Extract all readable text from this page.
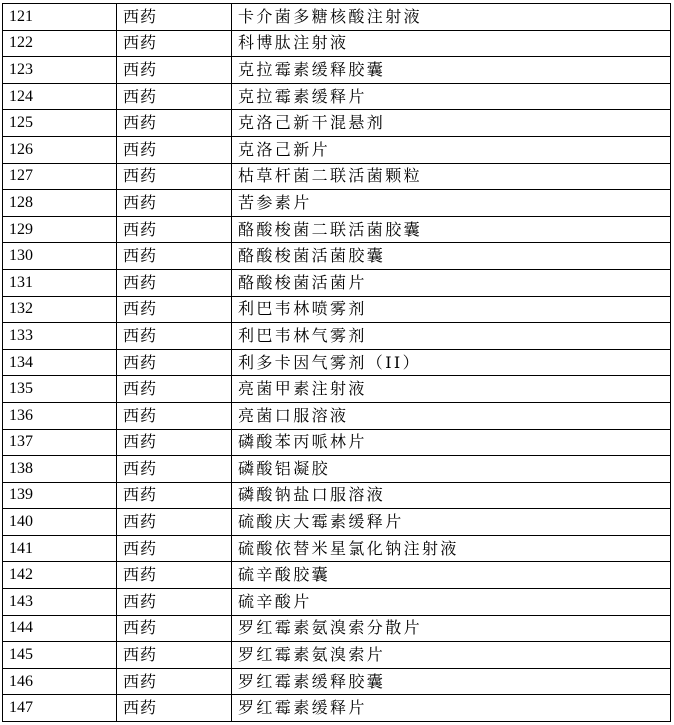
121	西药	卡介菌多糖核酸注射液
122	西药	科博肽注射液
123	西药	克拉霉素缓释胶囊
124	西药	克拉霉素缓释片
125	西药	克洛己新干混悬剂
126	西药	克洛己新片
127	西药	枯草杆菌二联活菌颗粒
128	西药	苦参素片
129	西药	酪酸梭菌二联活菌胶囊
130	西药	酪酸梭菌活菌胶囊
131	西药	酪酸梭菌活菌片
132	西药	利巴韦林喷雾剂
133	西药	利巴韦林气雾剂
134	西药	利多卡因气雾剂（II）
135	西药	亮菌甲素注射液
136	西药	亮菌口服溶液
137	西药	磷酸苯丙哌林片
138	西药	磷酸铝凝胶
139	西药	磷酸钠盐口服溶液
140	西药	硫酸庆大霉素缓释片
141	西药	硫酸依替米星氯化钠注射液
142	西药	硫辛酸胶囊
143	西药	硫辛酸片
144	西药	罗红霉素氨溴索分散片
145	西药	罗红霉素氨溴索片
146	西药	罗红霉素缓释胶囊
147	西药	罗红霉素缓释片
